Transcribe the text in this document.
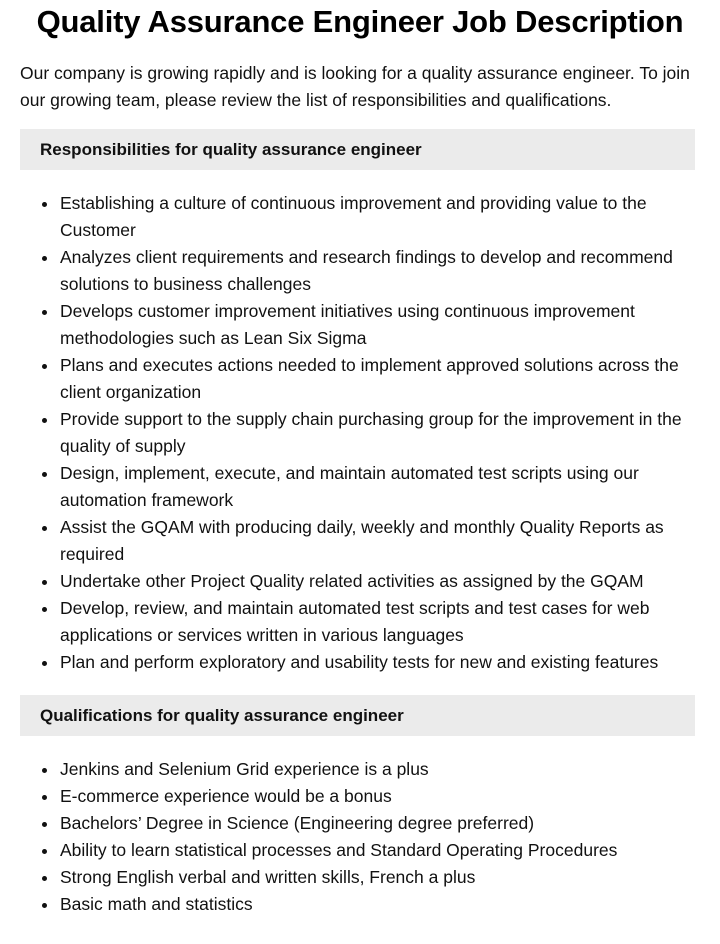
Quality Assurance Engineer Job Description

Our company is growing rapidly and is looking for a quality assurance engineer. To join our growing team, please review the list of responsibilities and qualifications.

Responsibilities for quality assurance engineer
Establishing a culture of continuous improvement and providing value to the Customer
Analyzes client requirements and research findings to develop and recommend solutions to business challenges
Develops customer improvement initiatives using continuous improvement methodologies such as Lean Six Sigma
Plans and executes actions needed to implement approved solutions across the client organization
Provide support to the supply chain purchasing group for the improvement in the quality of supply
Design, implement, execute, and maintain automated test scripts using our automation framework
Assist the GQAM with producing daily, weekly and monthly Quality Reports as required
Undertake other Project Quality related activities as assigned by the GQAM
Develop, review, and maintain automated test scripts and test cases for web applications or services written in various languages
Plan and perform exploratory and usability tests for new and existing features
Qualifications for quality assurance engineer
Jenkins and Selenium Grid experience is a plus
E-commerce experience would be a bonus
Bachelors’ Degree in Science (Engineering degree preferred)
Ability to learn statistical processes and Standard Operating Procedures
Strong English verbal and written skills, French a plus
Basic math and statistics
